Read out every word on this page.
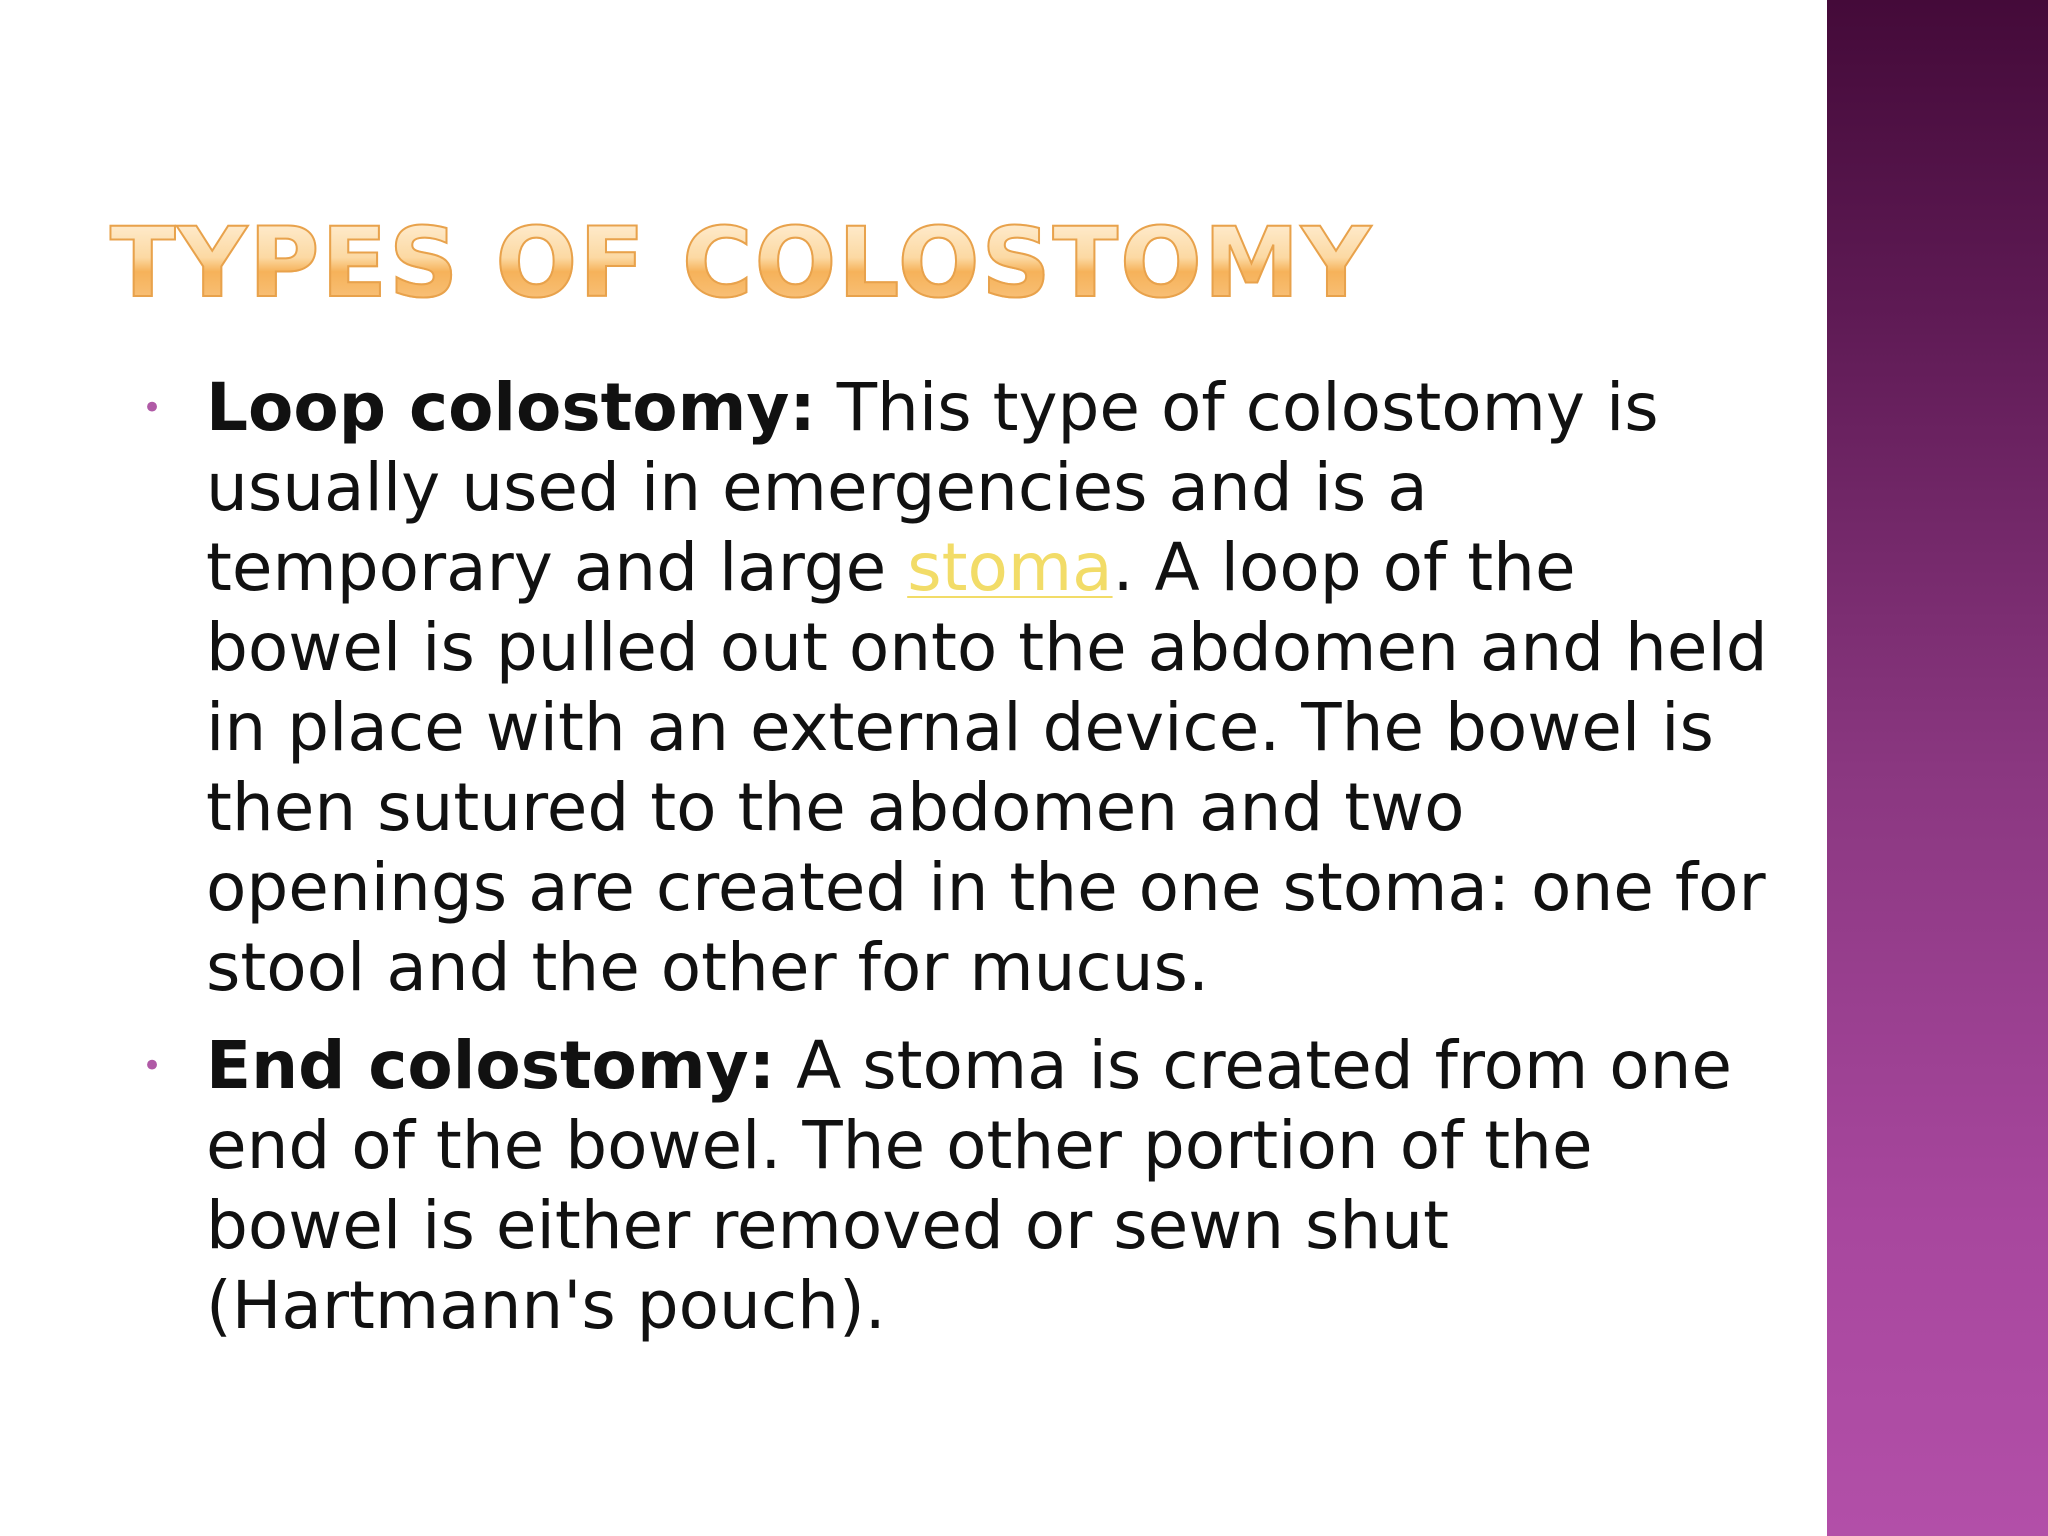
TYPES OF COLOSTOMY
• Loop colostomy: This type of colostomy is usually used in emergencies and is a temporary and large stoma. A loop of the bowel is pulled out onto the abdomen and held in place with an external device. The bowel is then sutured to the abdomen and two openings are created in the one stoma: one for stool and the other for mucus.
• End colostomy: A stoma is created from one end of the bowel. The other portion of the bowel is either removed or sewn shut (Hartmann's pouch).
